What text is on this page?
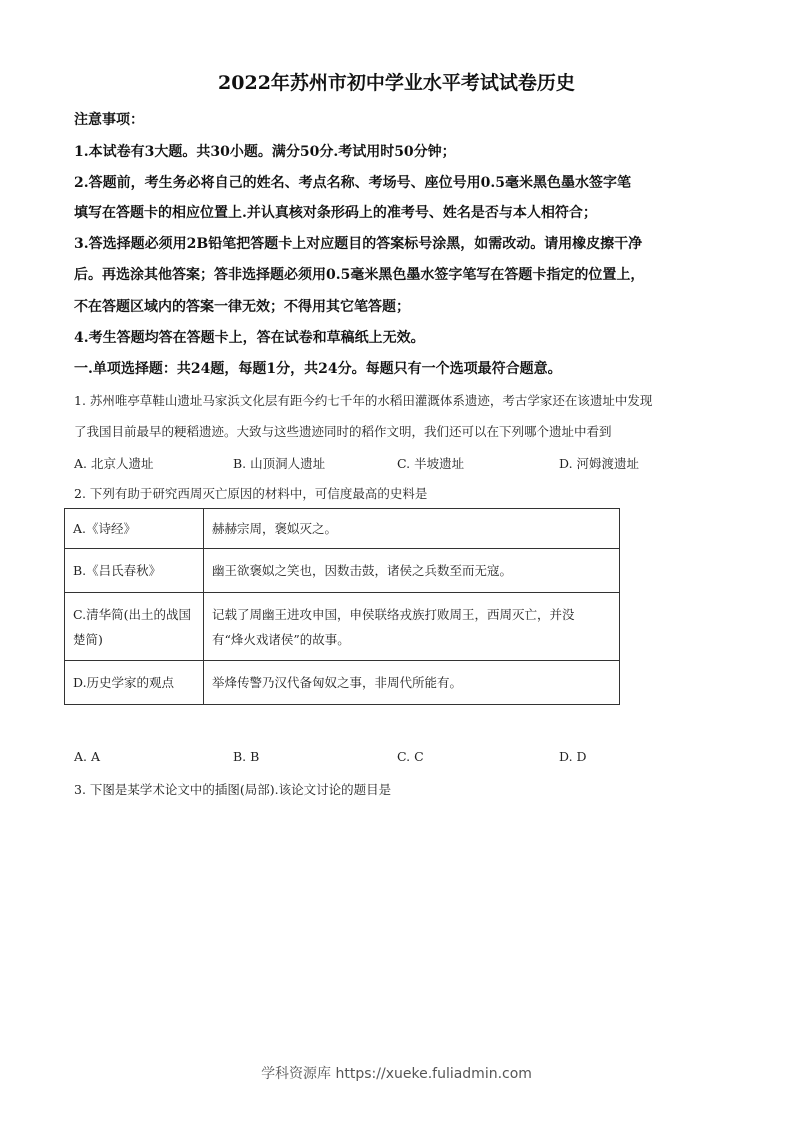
2022年苏州市初中学业水平考试试卷历史
注意事项：
1.本试卷有3大题。共30小题。满分50分.考试用时50分钟；
2.答题前，考生务必将自己的姓名、考点名称、考场号、座位号用0.5毫米黑色墨水签字笔
填写在答题卡的相应位置上.并认真核对条形码上的准考号、姓名是否与本人相符合；
3.答选择题必须用2B铅笔把答题卡上对应题目的答案标号涂黑，如需改动。请用橡皮擦干净
后。再选涂其他答案；答非选择题必须用0.5毫米黑色墨水签字笔写在答题卡指定的位置上，
不在答题区域内的答案一律无效；不得用其它笔答题；
4.考生答题均答在答题卡上，答在试卷和草稿纸上无效。
一.单项选择题：共24题，每题1分，共24分。每题只有一个选项最符合题意。
1. 苏州唯亭草鞋山遗址马家浜文化层有距今约七千年的水稻田灌溉体系遗迹，考古学家还在该遗址中发现
了我国目前最早的粳稻遗迹。大致与这些遗迹同时的稻作文明，我们还可以在下列哪个遗址中看到
A. 北京人遗址	B. 山顶洞人遗址	C. 半坡遗址	D. 河姆渡遗址
2. 下列有助于研究西周灭亡原因的材料中，可信度最高的史料是
A.《诗经》	赫赫宗周，褒姒灭之。
B.《吕氏春秋》	幽王欲褒姒之笑也，因数击鼓，诸侯之兵数至而无寇。
C.清华简(出土的战国楚简)	记载了周幽王进攻申国，申侯联络戎族打败周王，西周灭亡，并没
有“烽火戏诸侯”的故事。

D.历史学家的观点	举烽传警乃汉代备匈奴之事，非周代所能有。
A. A	B. B	C. C	D. D
3. 下图是某学术论文中的插图(局部).该论文讨论的题目是
学科资源库 https://xueke.fuliadmin.com
